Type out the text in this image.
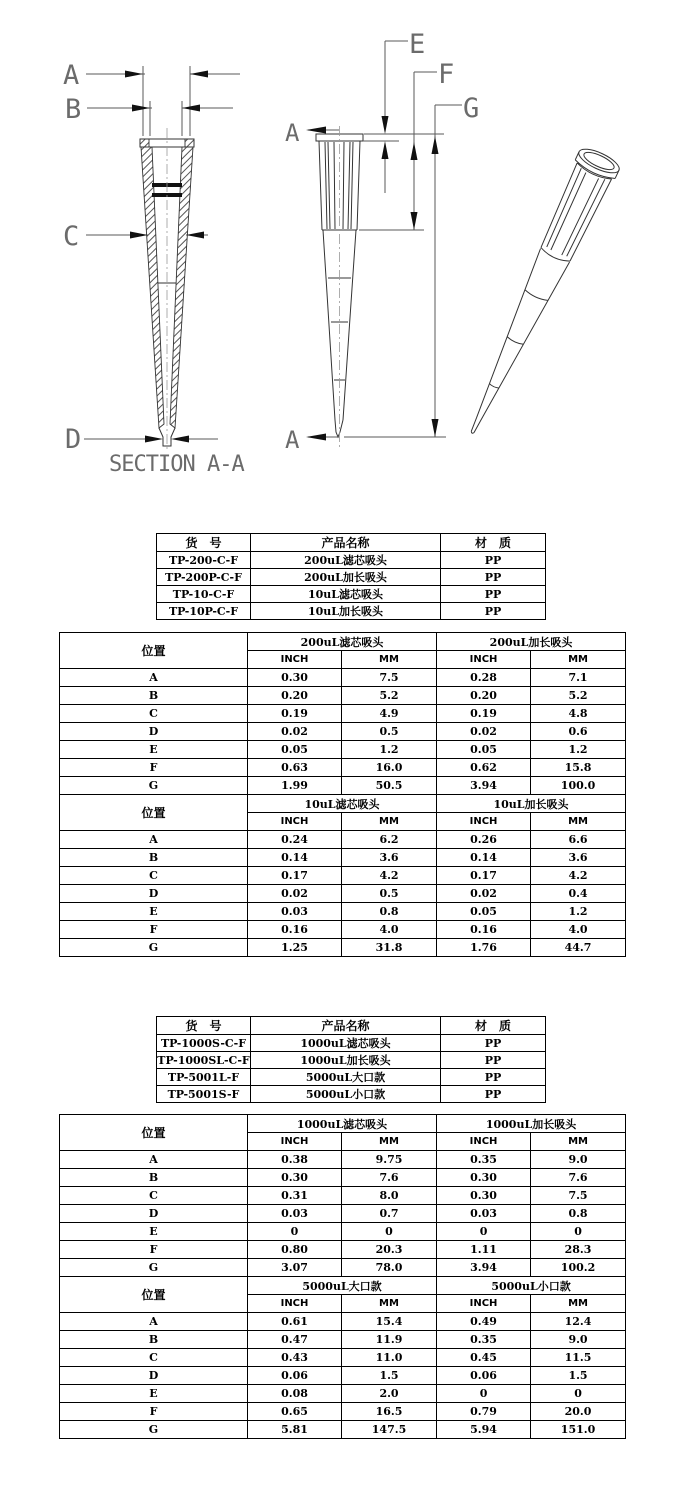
A
B
C
D
SECTION A-A
E
F
G
A
A
货　号	产品名称	材　质
TP-200-C-F	200uL滤芯吸头	PP
TP-200P-C-F	200uL加长吸头	PP
TP-10-C-F	10uL滤芯吸头	PP
TP-10P-C-F	10uL加长吸头	PP
位置	200uL滤芯吸头		200uL加长吸头	
	INCH	MM	INCH	MM
A	0.30	7.5	0.28	7.1
B	0.20	5.2	0.20	5.2
C	0.19	4.9	0.19	4.8
D	0.02	0.5	0.02	0.6
E	0.05	1.2	0.05	1.2
F	0.63	16.0	0.62	15.8
G	1.99	50.5	3.94	100.0
位置	10uL滤芯吸头		10uL加长吸头	
	INCH	MM	INCH	MM
A	0.24	6.2	0.26	6.6
B	0.14	3.6	0.14	3.6
C	0.17	4.2	0.17	4.2
D	0.02	0.5	0.02	0.4
E	0.03	0.8	0.05	1.2
F	0.16	4.0	0.16	4.0
G	1.25	31.8	1.76	44.7
货　号	产品名称	材　质
TP-1000S-C-F	1000uL滤芯吸头	PP
TP-1000SL-C-F	1000uL加长吸头	PP
TP-5001L-F	5000uL大口款	PP
TP-5001S-F	5000uL小口款	PP
位置	1000uL滤芯吸头		1000uL加长吸头	
	INCH	MM	INCH	MM
A	0.38	9.75	0.35	9.0
B	0.30	7.6	0.30	7.6
C	0.31	8.0	0.30	7.5
D	0.03	0.7	0.03	0.8
E	0	0	0	0
F	0.80	20.3	1.11	28.3
G	3.07	78.0	3.94	100.2
位置	5000uL大口款		5000uL小口款	
	INCH	MM	INCH	MM
A	0.61	15.4	0.49	12.4
B	0.47	11.9	0.35	9.0
C	0.43	11.0	0.45	11.5
D	0.06	1.5	0.06	1.5
E	0.08	2.0	0	0
F	0.65	16.5	0.79	20.0
G	5.81	147.5	5.94	151.0
